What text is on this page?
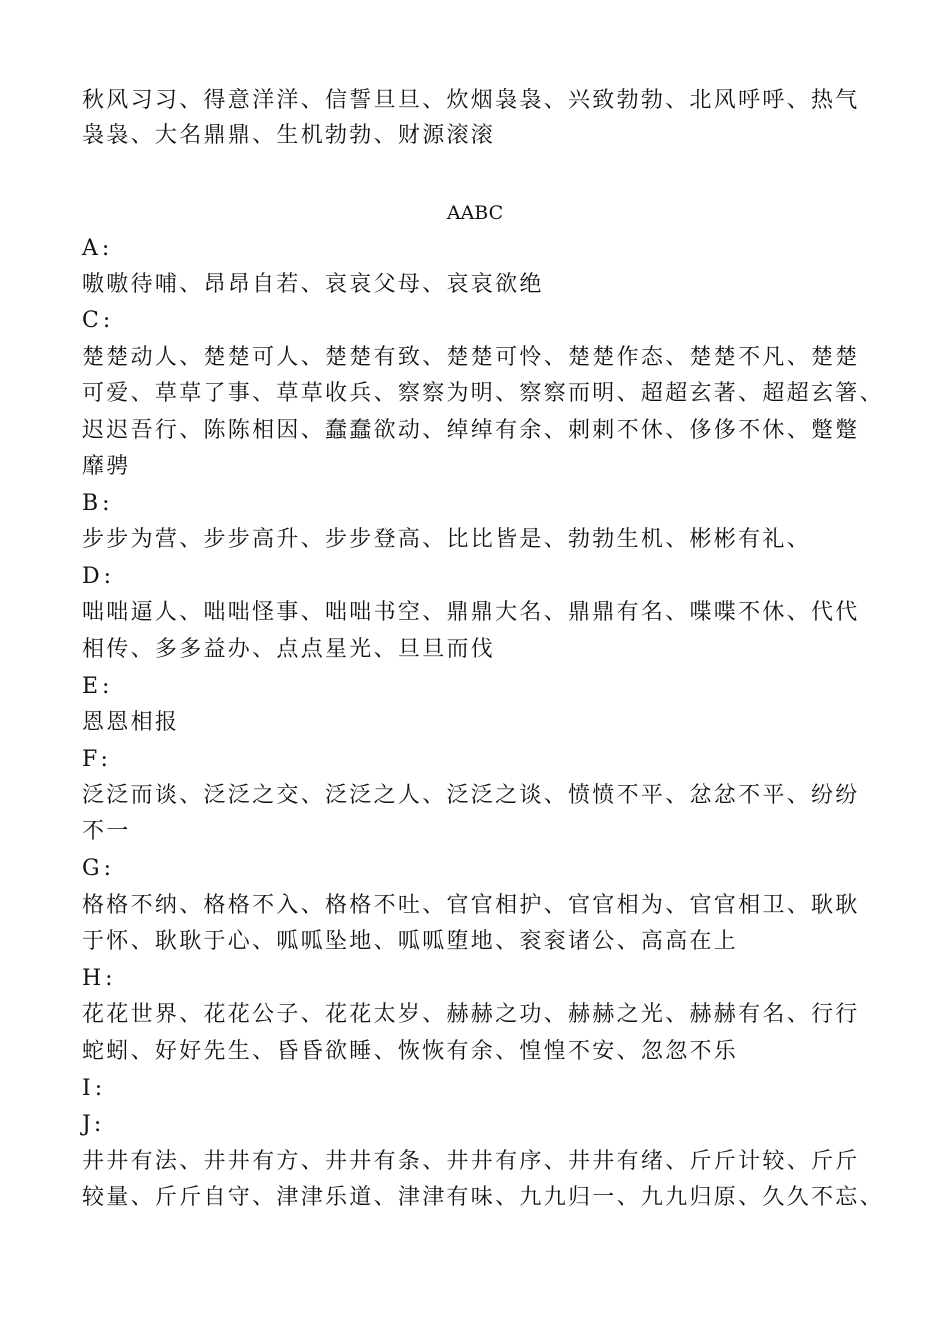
秋风习习、得意洋洋、信誓旦旦、炊烟袅袅、兴致勃勃、北风呼呼、热气
袅袅、大名鼎鼎、生机勃勃、财源滚滚
AABC
A:
嗷嗷待哺、昂昂自若、哀哀父母、哀哀欲绝
C:
楚楚动人、楚楚可人、楚楚有致、楚楚可怜、楚楚作态、楚楚不凡、楚楚
可爱、草草了事、草草收兵、察察为明、察察而明、超超玄著、超超玄箸、
迟迟吾行、陈陈相因、蠢蠢欲动、绰绰有余、刺刺不休、侈侈不休、蹩蹩
靡骋
B:
步步为营、步步高升、步步登高、比比皆是、勃勃生机、彬彬有礼、
D:
咄咄逼人、咄咄怪事、咄咄书空、鼎鼎大名、鼎鼎有名、喋喋不休、代代
相传、多多益办、点点星光、旦旦而伐
E:
恩恩相报
F:
泛泛而谈、泛泛之交、泛泛之人、泛泛之谈、愤愤不平、忿忿不平、纷纷
不一
G:
格格不纳、格格不入、格格不吐、官官相护、官官相为、官官相卫、耿耿
于怀、耿耿于心、呱呱坠地、呱呱堕地、衮衮诸公、高高在上
H:
花花世界、花花公子、花花太岁、赫赫之功、赫赫之光、赫赫有名、行行
蛇蚓、好好先生、昏昏欲睡、恢恢有余、惶惶不安、忽忽不乐
I:
J:
井井有法、井井有方、井井有条、井井有序、井井有绪、斤斤计较、斤斤
较量、斤斤自守、津津乐道、津津有味、九九归一、九九归原、久久不忘、
